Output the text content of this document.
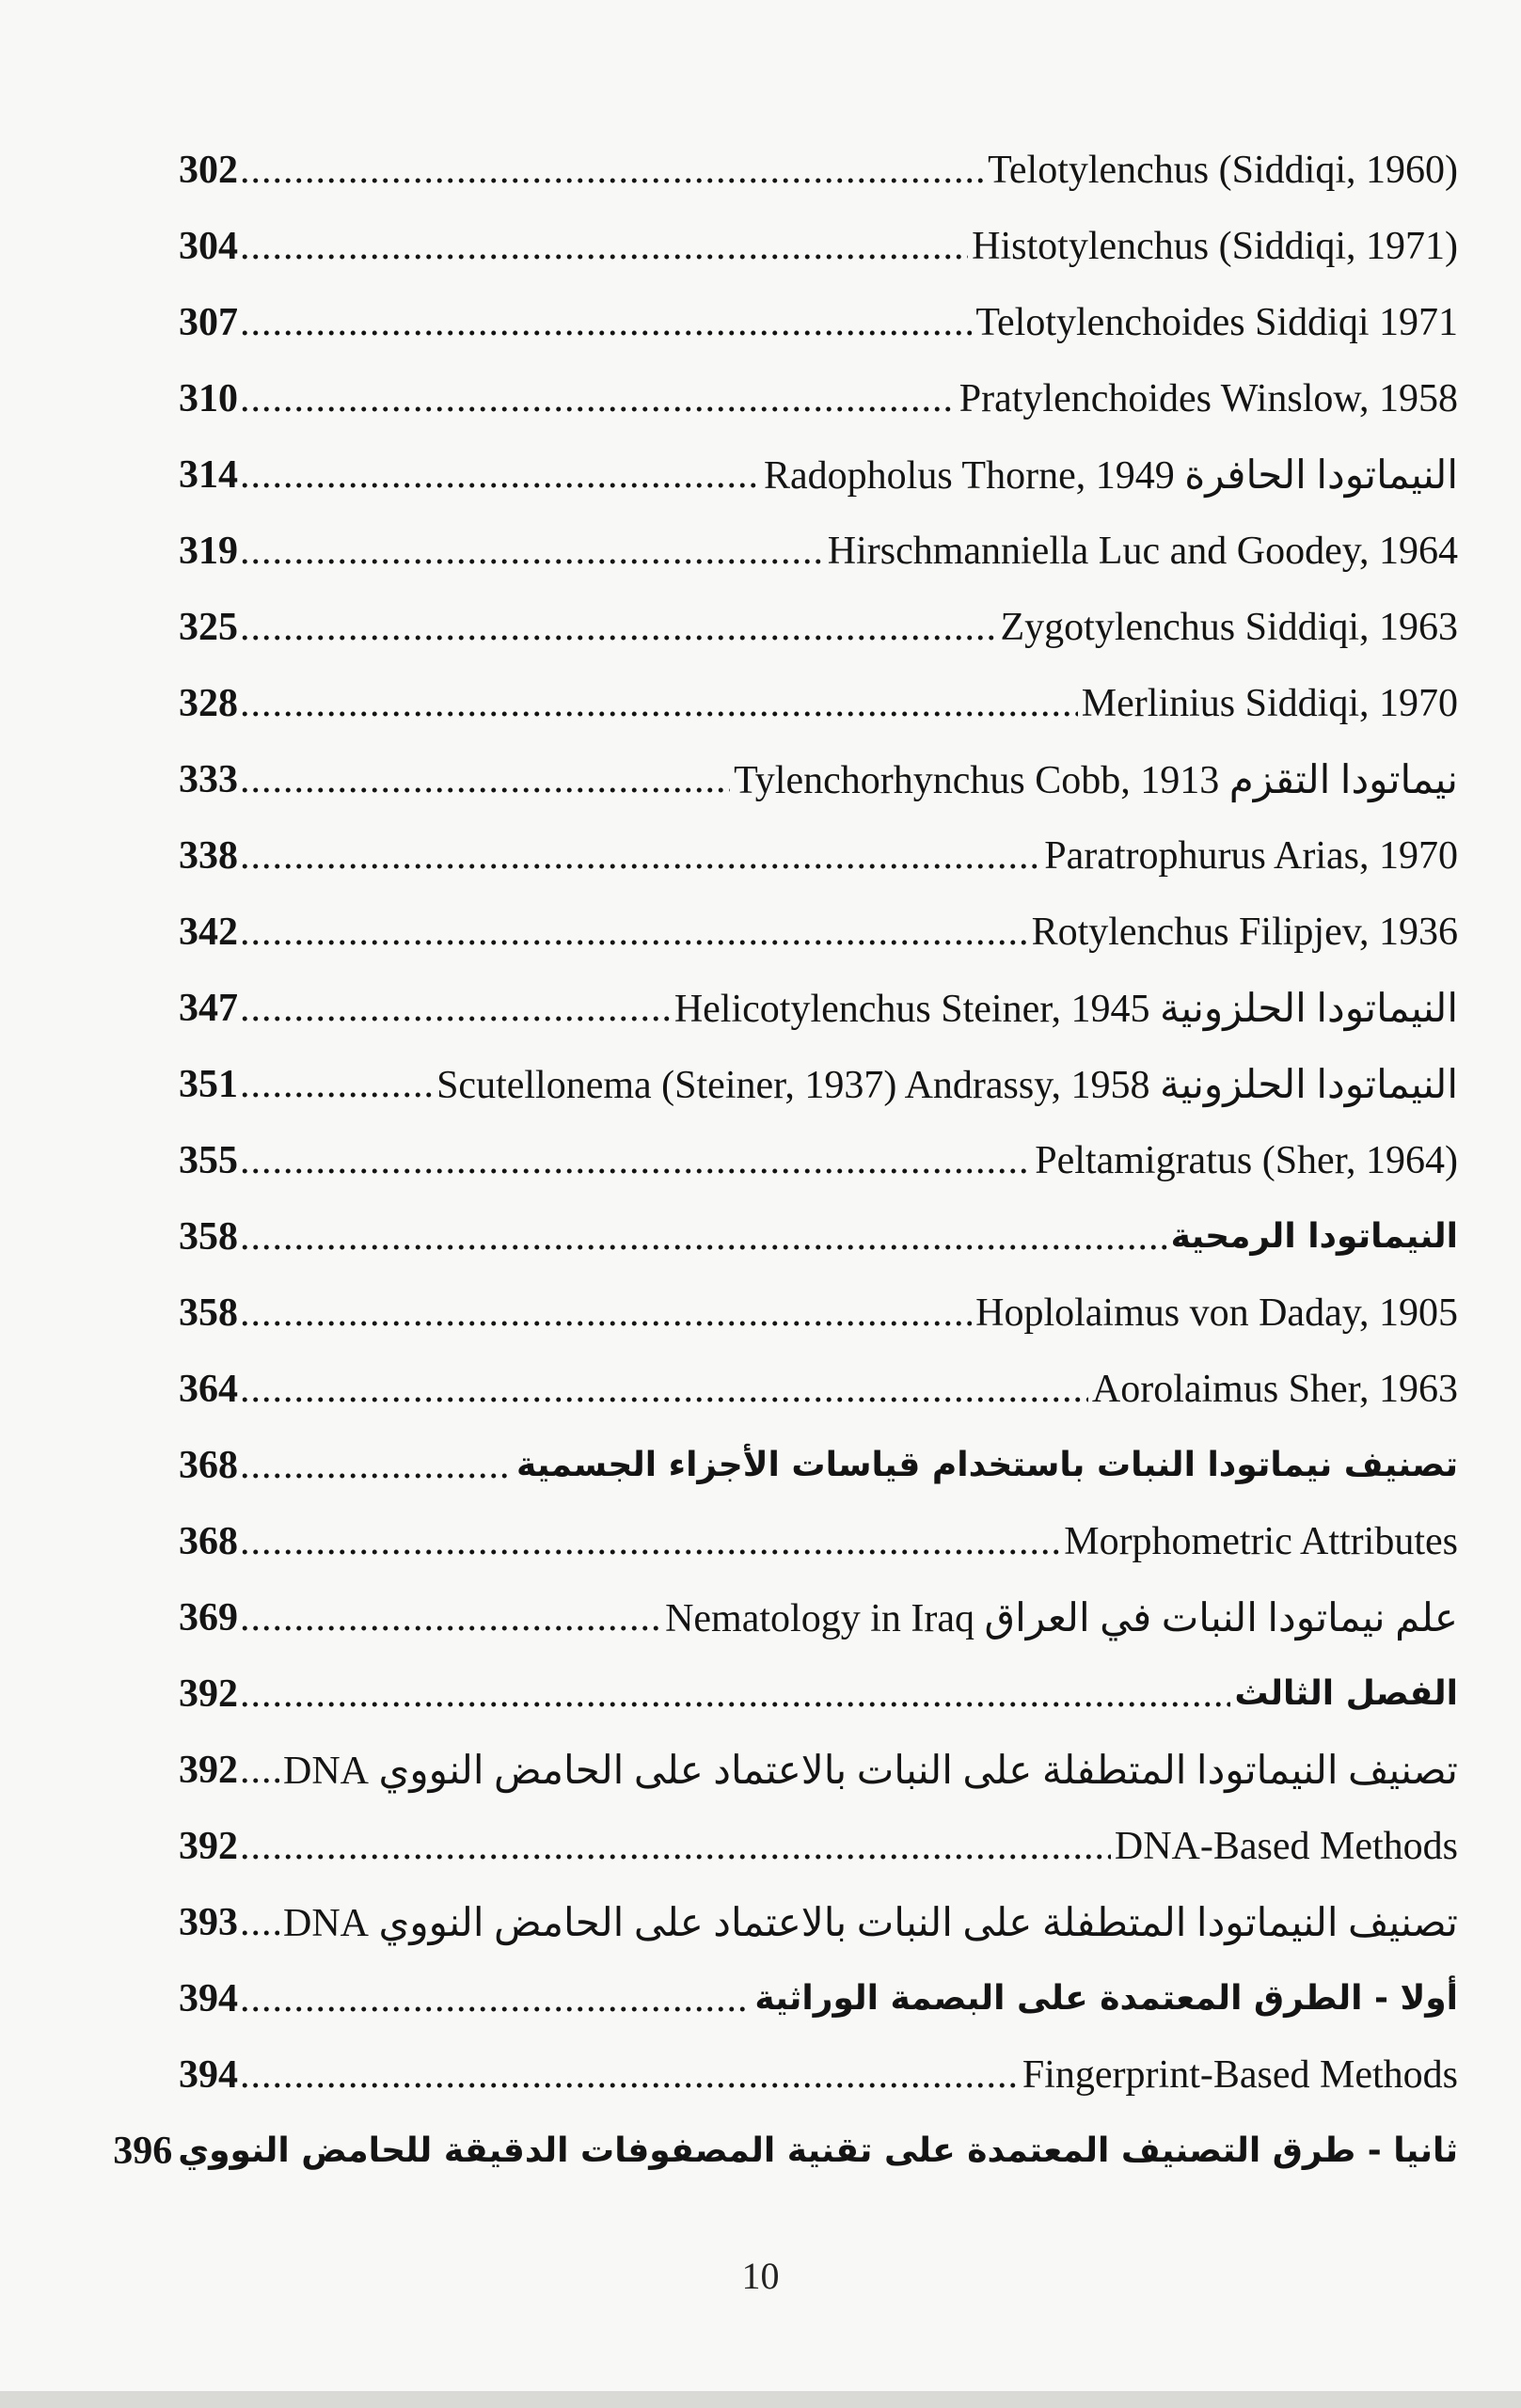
Telotylenchus (Siddiqi, 1960)
.....
302
Histotylenchus (Siddiqi, 1971)
.....
304
Telotylenchoides Siddiqi 1971
.....
307
Pratylenchoides Winslow, 1958
.....
310
النيماتودا الحافرة Radopholus Thorne, 1949
.....
314
Hirschmanniella Luc and Goodey, 1964
.....
319
Zygotylenchus Siddiqi, 1963
.....
325
Merlinius Siddiqi, 1970
.....
328
نيماتودا التقزم Tylenchorhynchus Cobb, 1913
.....
333
Paratrophurus Arias, 1970
.....
338
Rotylenchus Filipjev, 1936
.....
342
النيماتودا الحلزونية Helicotylenchus Steiner, 1945
.....
347
النيماتودا الحلزونية Scutellonema (Steiner, 1937) Andrassy, 1958
.....
351
Peltamigratus (Sher, 1964)
.....
355
النيماتودا الرمحية
.....
358
Hoplolaimus von Daday, 1905
.....
358
Aorolaimus Sher, 1963
.....
364
تصنيف نيماتودا النبات باستخدام قياسات الأجزاء الجسمية
.....
368
Morphometric Attributes
.....
368
علم نيماتودا النبات في العراق Nematology in Iraq
.....
369
الفصل الثالث
.....
392
تصنيف النيماتودا المتطفلة على النبات بالاعتماد على الحامض النووي DNA
.....
392
DNA-Based Methods
.....
392
تصنيف النيماتودا المتطفلة على النبات بالاعتماد على الحامض النووي DNA
.....
393
أولا - الطرق المعتمدة على البصمة الوراثية
.....
394
Fingerprint-Based Methods
.....
394
ثانيا - طرق التصنيف المعتمدة على تقنية المصفوفات الدقيقة للحامض النووي
396
10
